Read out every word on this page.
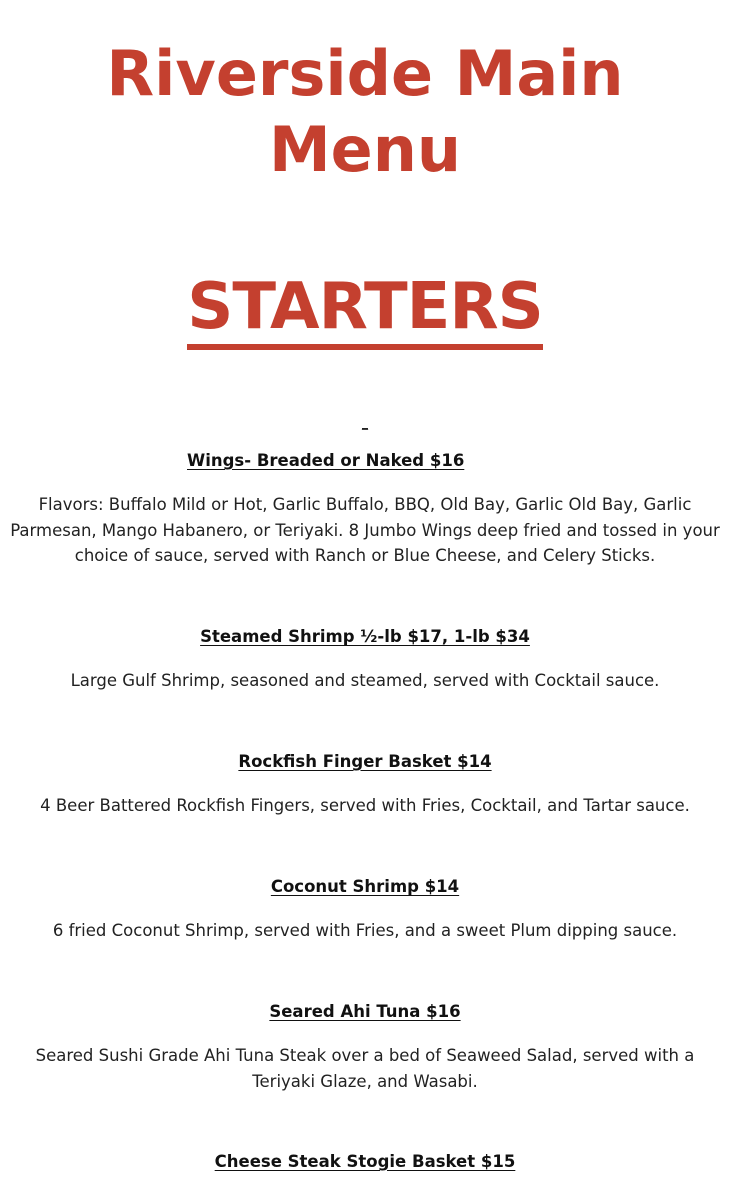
Riverside Main
Menu
STARTERS
_

Wings- Breaded or Naked $16

Flavors: Buffalo Mild or Hot, Garlic Buffalo, BBQ, Old Bay, Garlic Old Bay, Garlic Parmesan, Mango Habanero, or Teriyaki. 8 Jumbo Wings deep fried and tossed in your choice of sauce, served with Ranch or Blue Cheese, and Celery Sticks.

Steamed Shrimp ½-lb $17, 1-lb $34

Large Gulf Shrimp, seasoned and steamed, served with Cocktail sauce.

Rockfish Finger Basket $14

4 Beer Battered Rockfish Fingers, served with Fries, Cocktail, and Tartar sauce.

Coconut Shrimp $14

6 fried Coconut Shrimp, served with Fries, and a sweet Plum dipping sauce.

Seared Ahi Tuna $16

Seared Sushi Grade Ahi Tuna Steak over a bed of Seaweed Salad, served with a Teriyaki Glaze, and Wasabi.

Cheese Steak Stogie Basket $15
